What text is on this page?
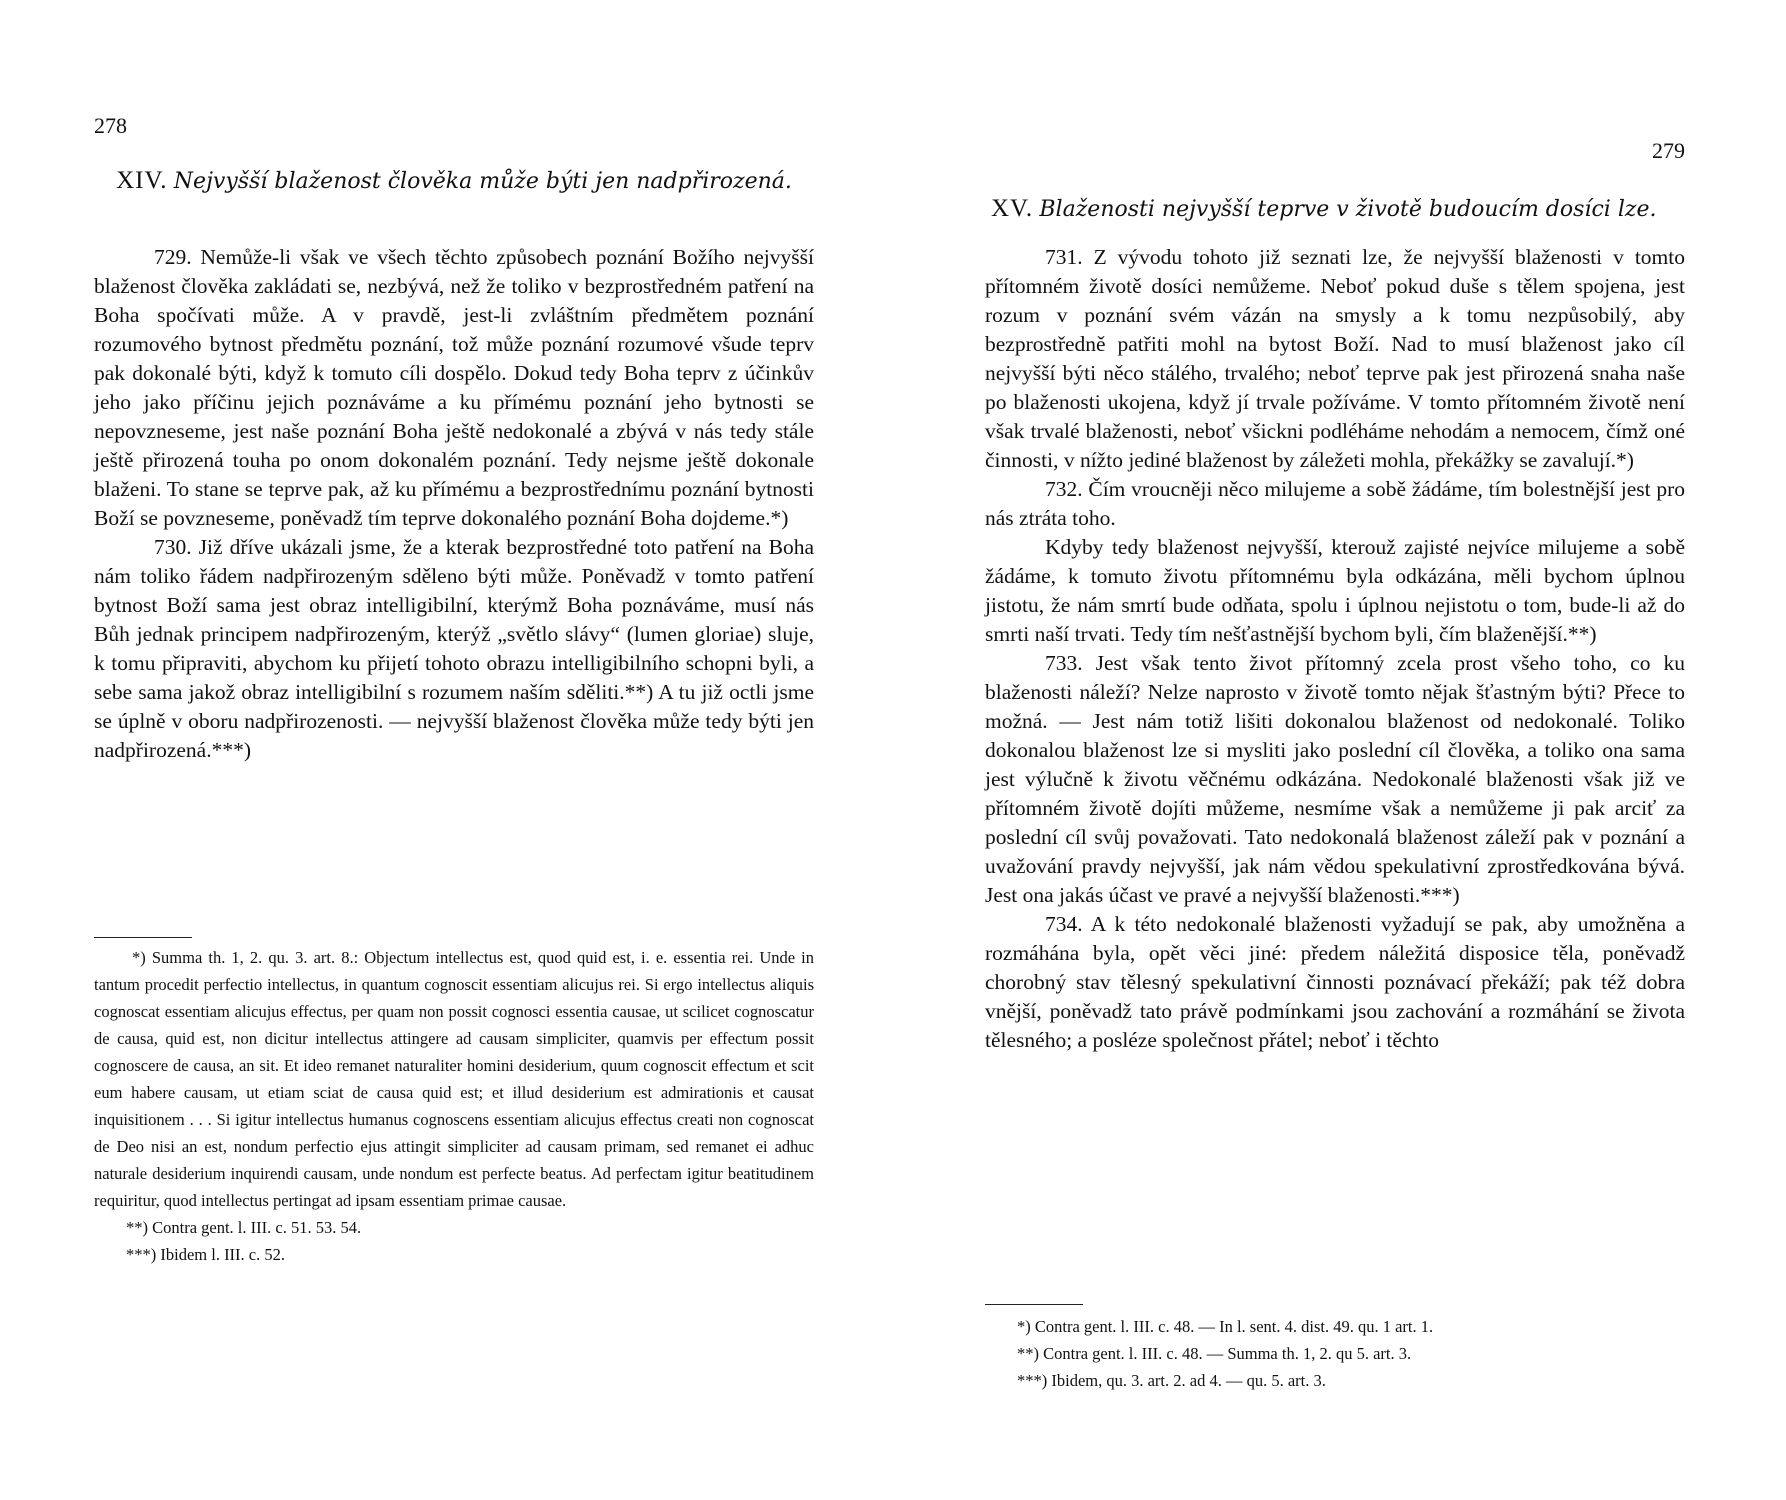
278
XIV. Nejvyšší blaženost člověka může býti jen nadpřirozená.

729. Nemůže-li však ve všech těchto způsobech poznání Božího nejvyšší blaženost člověka zakládati se, nezbývá, než že toliko v bezprostředném patření na Boha spočívati může. A v pravdě, jest-li zvláštním předmětem poznání rozumového bytnost předmětu poznání, tož může poznání rozumové všude teprv pak dokonalé býti, když k tomuto cíli dospělo. Dokud tedy Boha teprv z účinkův jeho jako příčinu jejich poznáváme a ku přímému poznání jeho bytnosti se nepovzneseme, jest naše poznání Boha ještě nedokonalé a zbývá v nás tedy stále ještě přirozená touha po onom dokonalém poznání. Tedy nejsme ještě dokonale blaženi. To stane se teprve pak, až ku přímému a bezprostřednímu poznání bytnosti Boží se povzneseme, poněvadž tím teprve dokonalého poznání Boha dojdeme.*)

730. Již dříve ukázali jsme, že a kterak bezprostředné toto patření na Boha nám toliko řádem nadpřirozeným sděleno býti může. Poněvadž v tomto patření bytnost Boží sama jest obraz intelligibilní, kterýmž Boha poznáváme, musí nás Bůh jednak principem nadpřirozeným, kterýž „světlo slávy“ (lumen gloriae) sluje, k tomu připraviti, abychom ku přijetí tohoto obrazu intelligibilního schopni byli, a sebe sama jakož obraz intelligibilní s rozumem naším sděliti.**) A tu již octli jsme se úplně v oboru nadpřirozenosti. — nejvyšší blaženost člověka může tedy býti jen nadpřirozená.***)

*) Summa th. 1, 2. qu. 3. art. 8.: Objectum intellectus est, quod quid est, i. e. essentia rei. Unde in tantum procedit perfectio intellectus, in quantum cognoscit essentiam alicujus rei. Si ergo intellectus aliquis cognoscat essentiam alicujus effectus, per quam non possit cognosci essentia causae, ut scilicet cognoscatur de causa, quid est, non dicitur intellectus attingere ad causam simpliciter, quamvis per effectum possit cognoscere de causa, an sit. Et ideo remanet naturaliter homini desiderium, quum cognoscit effectum et scit eum habere causam, ut etiam sciat de causa quid est; et illud desiderium est admirationis et causat inquisitionem . . . Si igitur intellectus humanus cognoscens essentiam alicujus effectus creati non cognoscat de Deo nisi an est, nondum perfectio ejus attingit simpliciter ad causam primam, sed remanet ei adhuc naturale desiderium inquirendi causam, unde nondum est perfecte beatus. Ad perfectam igitur beatitudinem requiritur, quod intellectus pertingat ad ipsam essentiam primae causae.

**) Contra gent. l. III. c. 51. 53. 54.

***) Ibidem l. III. c. 52.

279
XV. Blaženosti nejvyšší teprve v životě budoucím dosíci lze.

731. Z vývodu tohoto již seznati lze, že nejvyšší blaženosti v tomto přítomném životě dosíci nemůžeme. Neboť pokud duše s tělem spojena, jest rozum v poznání svém vázán na smysly a k tomu nezpůsobilý, aby bezprostředně patřiti mohl na bytost Boží. Nad to musí blaženost jako cíl nejvyšší býti něco stálého, trvalého; neboť teprve pak jest přirozená snaha naše po blaženosti ukojena, když jí trvale požíváme. V tomto přítomném životě není však trvalé blaženosti, neboť všickni podléháme nehodám a nemocem, čímž oné činnosti, v nížto jediné blaženost by záležeti mohla, překážky se zavalují.*)

732. Čím vroucněji něco milujeme a sobě žádáme, tím bolestnější jest pro nás ztráta toho.

Kdyby tedy blaženost nejvyšší, kterouž zajisté nejvíce milujeme a sobě žádáme, k tomuto životu přítomnému byla odkázána, měli bychom úplnou jistotu, že nám smrtí bude odňata, spolu i úplnou nejistotu o tom, bude-li až do smrti naší trvati. Tedy tím nešťastnější bychom byli, čím blaženější.**)

733. Jest však tento život přítomný zcela prost všeho toho, co ku blaženosti náleží? Nelze naprosto v životě tomto nějak šťastným býti? Přece to možná. — Jest nám totiž lišiti dokonalou blaženost od nedokonalé. Toliko dokonalou blaženost lze si mysliti jako poslední cíl člověka, a toliko ona sama jest výlučně k životu věčnému odkázána. Nedokonalé blaženosti však již ve přítomném životě dojíti můžeme, nesmíme však a nemůžeme ji pak arciť za poslední cíl svůj považovati. Tato nedokonalá blaženost záleží pak v poznání a uvažování pravdy nejvyšší, jak nám vědou spekulativní zprostředkována bývá. Jest ona jakás účast ve pravé a nejvyšší blaženosti.***)

734. A k této nedokonalé blaženosti vyžadují se pak, aby umožněna a rozmáhána byla, opět věci jiné: předem náležitá disposice těla, poněvadž chorobný stav tělesný spekulativní činnosti poznávací překáží; pak též dobra vnější, poněvadž tato právě podmínkami jsou zachování a rozmáhání se života tělesného; a posléze společnost přátel; neboť i těchto

*) Contra gent. l. III. c. 48. — In l. sent. 4. dist. 49. qu. 1 art. 1.

**) Contra gent. l. III. c. 48. — Summa th. 1, 2. qu 5. art. 3.

***) Ibidem, qu. 3. art. 2. ad 4. — qu. 5. art. 3.
